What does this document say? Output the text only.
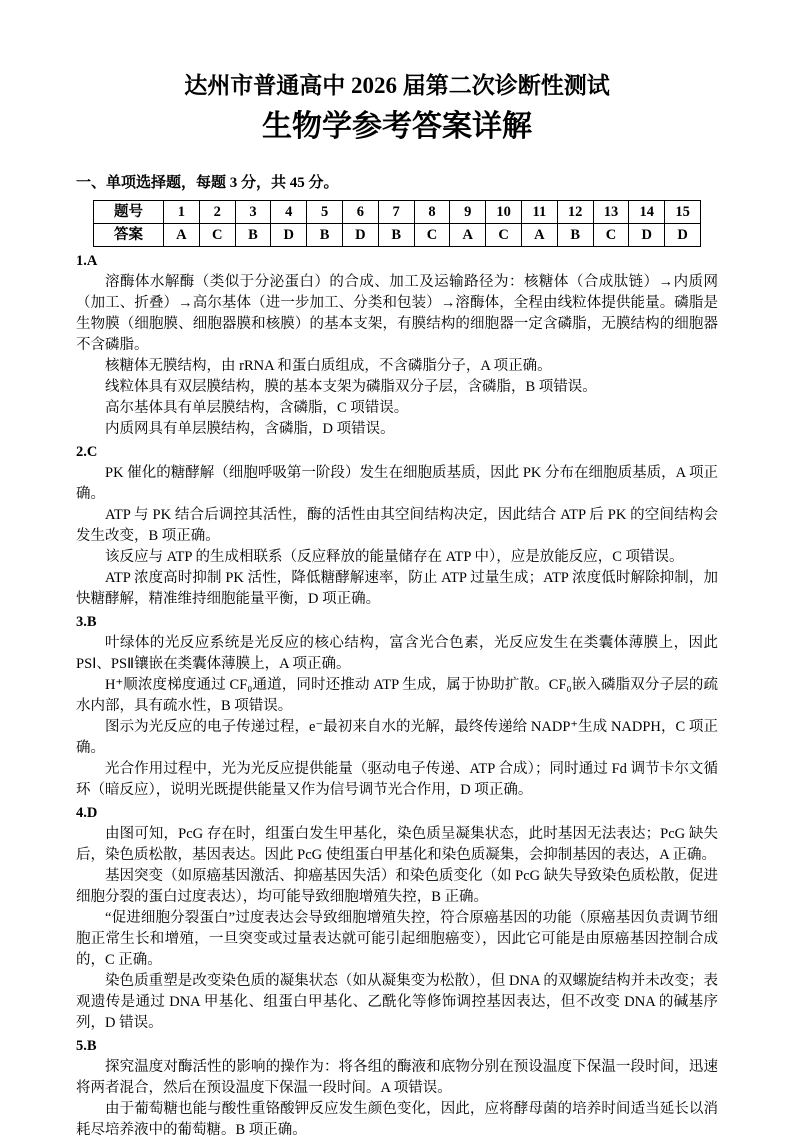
达州市普通高中 2026 届第二次诊断性测试
生物学参考答案详解
一、单项选择题，每题 3 分，共 45 分。
题号	1	2	3	4	5	6	7	8	9	10	11	12	13	14	15
答案	A	C	B	D	B	D	B	C	A	C	A	B	C	D	D
1.A

溶酶体水解酶（类似于分泌蛋白）的合成、加工及运输路径为：核糖体（合成肽链）→内质网（加工、折叠）→高尔基体（进一步加工、分类和包装）→溶酶体，全程由线粒体提供能量。磷脂是生物膜（细胞膜、细胞器膜和核膜）的基本支架，有膜结构的细胞器一定含磷脂，无膜结构的细胞器不含磷脂。

核糖体无膜结构，由 rRNA 和蛋白质组成，不含磷脂分子，A 项正确。

线粒体具有双层膜结构，膜的基本支架为磷脂双分子层，含磷脂，B 项错误。

高尔基体具有单层膜结构，含磷脂，C 项错误。

内质网具有单层膜结构，含磷脂，D 项错误。

2.C

PK 催化的糖酵解（细胞呼吸第一阶段）发生在细胞质基质，因此 PK 分布在细胞质基质，A 项正确。

ATP 与 PK 结合后调控其活性，酶的活性由其空间结构决定，因此结合 ATP 后 PK 的空间结构会发生改变，B 项正确。

该反应与 ATP 的生成相联系（反应释放的能量储存在 ATP 中），应是放能反应，C 项错误。

ATP 浓度高时抑制 PK 活性，降低糖酵解速率，防止 ATP 过量生成；ATP 浓度低时解除抑制，加快糖酵解，精准维持细胞能量平衡，D 项正确。

3.B

叶绿体的光反应系统是光反应的核心结构，富含光合色素，光反应发生在类囊体薄膜上，因此 PSⅠ、PSⅡ镶嵌在类囊体薄膜上，A 项正确。

H⁺顺浓度梯度通过 CF₀通道，同时还推动 ATP 生成，属于协助扩散。CF₀嵌入磷脂双分子层的疏水内部，具有疏水性，B 项错误。

图示为光反应的电子传递过程，e⁻最初来自水的光解，最终传递给 NADP⁺生成 NADPH，C 项正确。

光合作用过程中，光为光反应提供能量（驱动电子传递、ATP 合成）；同时通过 Fd 调节卡尔文循环（暗反应），说明光既提供能量又作为信号调节光合作用，D 项正确。

4.D

由图可知，PcG 存在时，组蛋白发生甲基化，染色质呈凝集状态，此时基因无法表达；PcG 缺失后，染色质松散，基因表达。因此 PcG 使组蛋白甲基化和染色质凝集，会抑制基因的表达，A 正确。

基因突变（如原癌基因激活、抑癌基因失活）和染色质变化（如 PcG 缺失导致染色质松散，促进细胞分裂的蛋白过度表达），均可能导致细胞增殖失控，B 正确。

“促进细胞分裂蛋白”过度表达会导致细胞增殖失控，符合原癌基因的功能（原癌基因负责调节细胞正常生长和增殖，一旦突变或过量表达就可能引起细胞癌变），因此它可能是由原癌基因控制合成的，C 正确。

染色质重塑是改变染色质的凝集状态（如从凝集变为松散），但 DNA 的双螺旋结构并未改变；表观遗传是通过 DNA 甲基化、组蛋白甲基化、乙酰化等修饰调控基因表达，但不改变 DNA 的碱基序列，D 错误。

5.B

探究温度对酶活性的影响的操作为：将各组的酶液和底物分别在预设温度下保温一段时间，迅速将两者混合，然后在预设温度下保温一段时间。A 项错误。

由于葡萄糖也能与酸性重铬酸钾反应发生颜色变化，因此，应将酵母菌的培养时间适当延长以消耗尽培养液中的葡萄糖。B 项正确。
